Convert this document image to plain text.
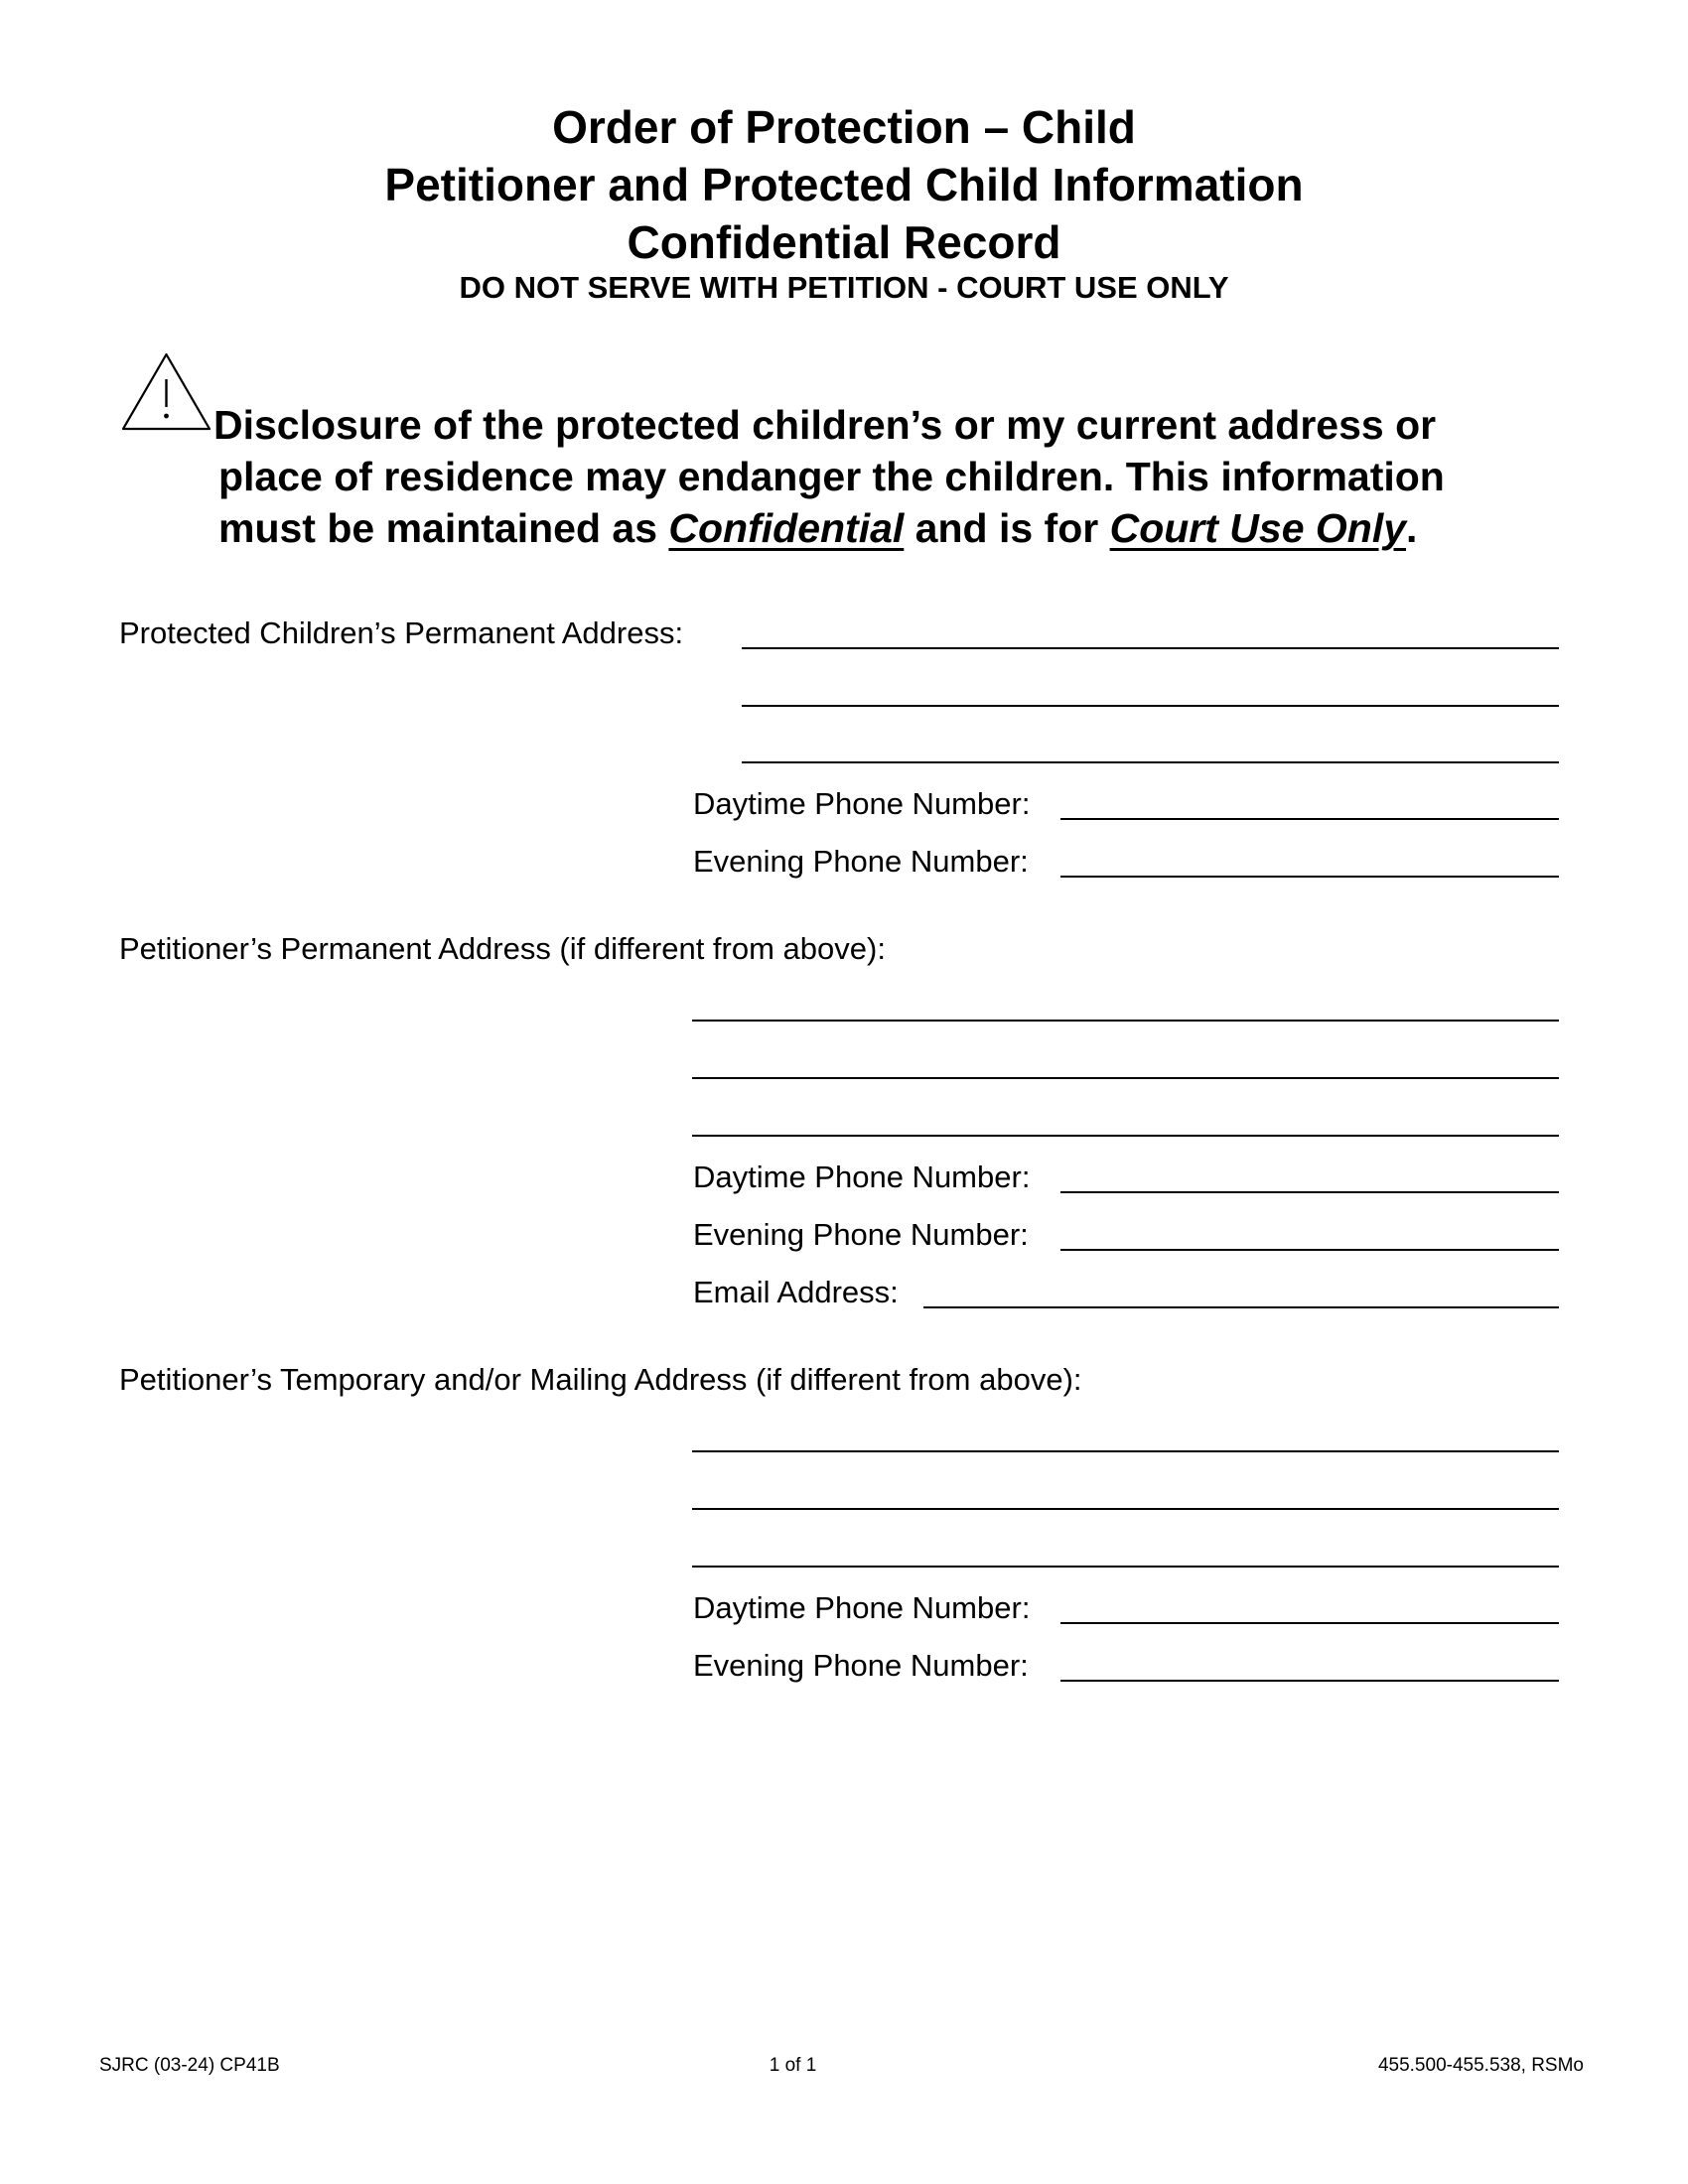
Order of Protection – Child
Petitioner and Protected Child Information
Confidential Record
DO NOT SERVE WITH PETITION - COURT USE ONLY
Disclosure of the protected children’s or my current address or
place of residence may endanger the children. This information
must be maintained as Confidential and is for Court Use Only.
Protected Children’s Permanent Address:
Daytime Phone Number:
Evening Phone Number:
Petitioner’s Permanent Address (if different from above):
Daytime Phone Number:
Evening Phone Number:
Email Address:
Petitioner’s Temporary and/or Mailing Address (if different from above):
Daytime Phone Number:
Evening Phone Number:
SJRC (03-24) CP41B	1 of 1	455.500-455.538, RSMo
